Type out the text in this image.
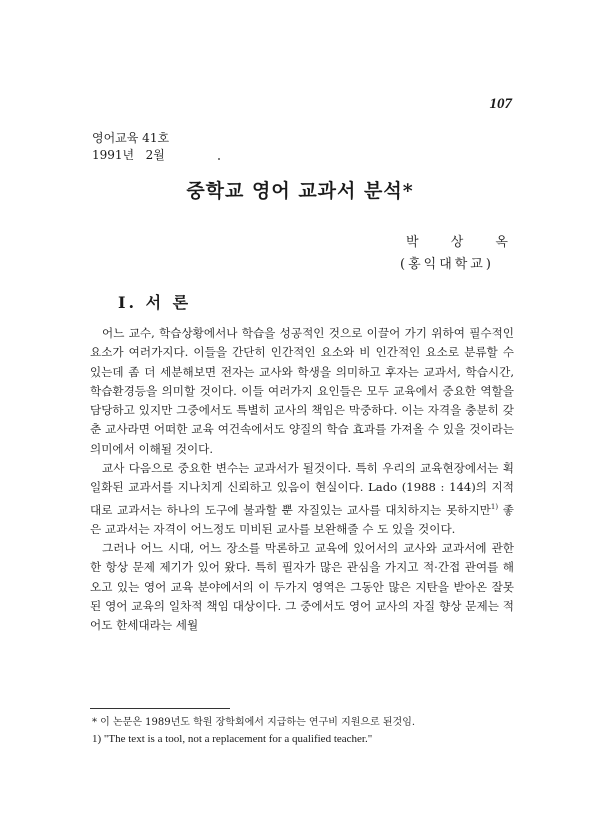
107
영어교육 41호
1991년   2월
중학교 영어 교과서 분석*
박 상 옥
(홍익대학교)
I. 서 론

어느 교수, 학습상황에서나 학습을 성공적인 것으로 이끌어 가기 위하여 필수적인 요소가 여러가지다. 이들을 간단히 인간적인 요소와 비 인간적인 요소로 분류할 수 있는데 좀 더 세분해보면 전자는 교사와 학생을 의미하고 후자는 교과서, 학습시간, 학습환경등을 의미할 것이다. 이들 여러가지 요인들은 모두 교육에서 중요한 역할을 담당하고 있지만 그중에서도 특별히 교사의 책임은 막중하다. 이는 자격을 충분히 갖춘 교사라면 어떠한 교육 여건속에서도 양질의 학습 효과를 가져올 수 있을 것이라는 의미에서 이해될 것이다.

교사 다음으로 중요한 변수는 교과서가 될것이다. 특히 우리의 교육현장에서는 획일화된 교과서를 지나치게 신뢰하고 있음이 현실이다. Lado (1988 : 144)의 지적대로 교과서는 하나의 도구에 불과할 뿐 자질있는 교사를 대치하지는 못하지만$^{1)}$ 좋은 교과서는 자격이 어느정도 미비된 교사를 보완해줄 수 도 있을 것이다.

그러나 어느 시대, 어느 장소를 막론하고 교육에 있어서의 교사와 교과서에 관한 한 항상 문제 제기가 있어 왔다. 특히 필자가 많은 관심을 가지고 적·간접 관여를 해오고 있는 영어 교육 분야에서의 이 두가지 영역은 그동안 많은 지탄을 받아온 잘못된 영어 교육의 일차적 책임 대상이다. 그 중에서도 영어 교사의 자질 향상 문제는 적어도 한세대라는 세월

* 이 논문은 1989년도 학원 장학회에서 지급하는 연구비 지원으로 된것임.
1) "The text is a tool, not a replacement for a qualified teacher."
